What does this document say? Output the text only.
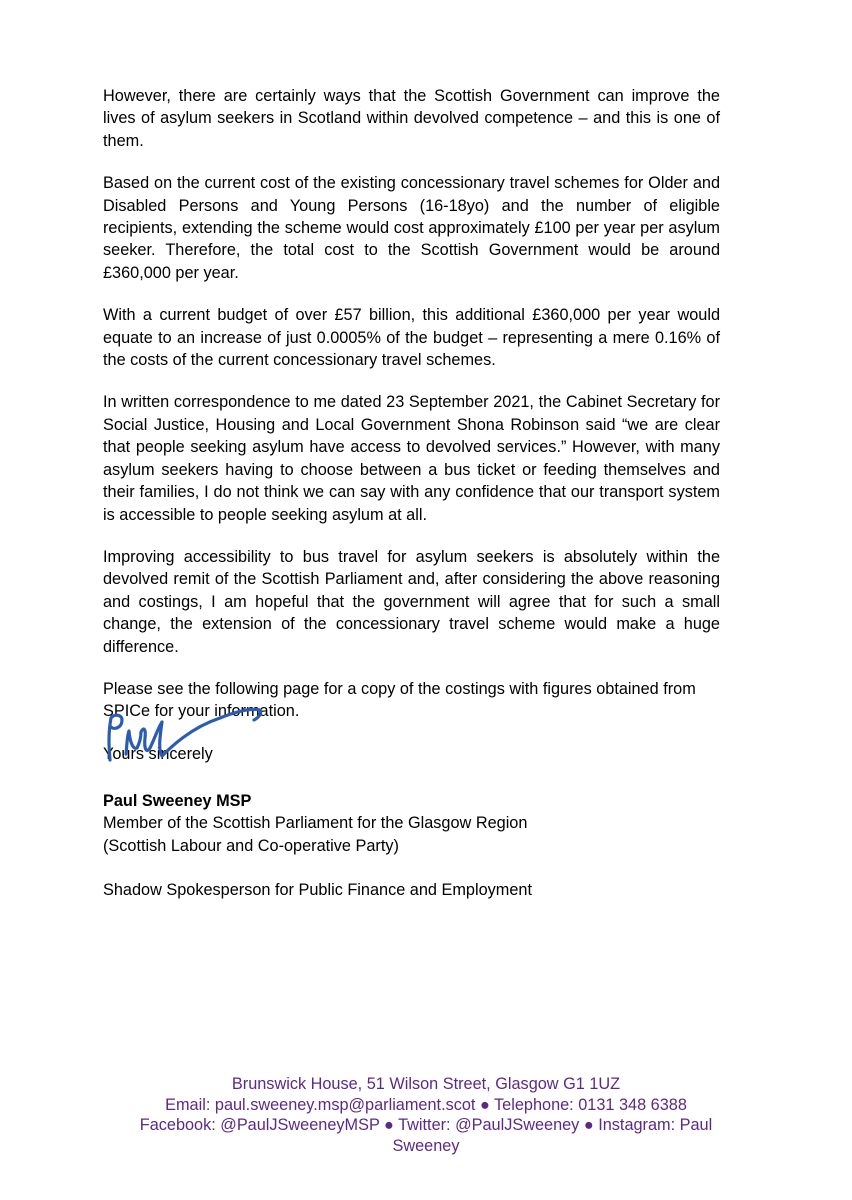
However, there are certainly ways that the Scottish Government can improve the lives of asylum seekers in Scotland within devolved competence – and this is one of them.

Based on the current cost of the existing concessionary travel schemes for Older and Disabled Persons and Young Persons (16-18yo) and the number of eligible recipients, extending the scheme would cost approximately £100 per year per asylum seeker. Therefore, the total cost to the Scottish Government would be around £360,000 per year.

With a current budget of over £57 billion, this additional £360,000 per year would equate to an increase of just 0.0005% of the budget – representing a mere 0.16% of the costs of the current concessionary travel schemes.

In written correspondence to me dated 23 September 2021, the Cabinet Secretary for Social Justice, Housing and Local Government Shona Robinson said “we are clear that people seeking asylum have access to devolved services.” However, with many asylum seekers having to choose between a bus ticket or feeding themselves and their families, I do not think we can say with any confidence that our transport system is accessible to people seeking asylum at all.

Improving accessibility to bus travel for asylum seekers is absolutely within the devolved remit of the Scottish Parliament and, after considering the above reasoning and costings, I am hopeful that the government will agree that for such a small change, the extension of the concessionary travel scheme would make a huge difference.

Please see the following page for a copy of the costings with figures obtained from SPICe for your information.

Yours sincerely

Paul Sweeney MSP

Member of the Scottish Parliament for the Glasgow Region

(Scottish Labour and Co-operative Party)

Shadow Spokesperson for Public Finance and Employment

Brunswick House, 51 Wilson Street, Glasgow G1 1UZ
Email: paul.sweeney.msp@parliament.scot ● Telephone: 0131 348 6388
Facebook: @PaulJSweeneyMSP ● Twitter: @PaulJSweeney ● Instagram: Paul
Sweeney
